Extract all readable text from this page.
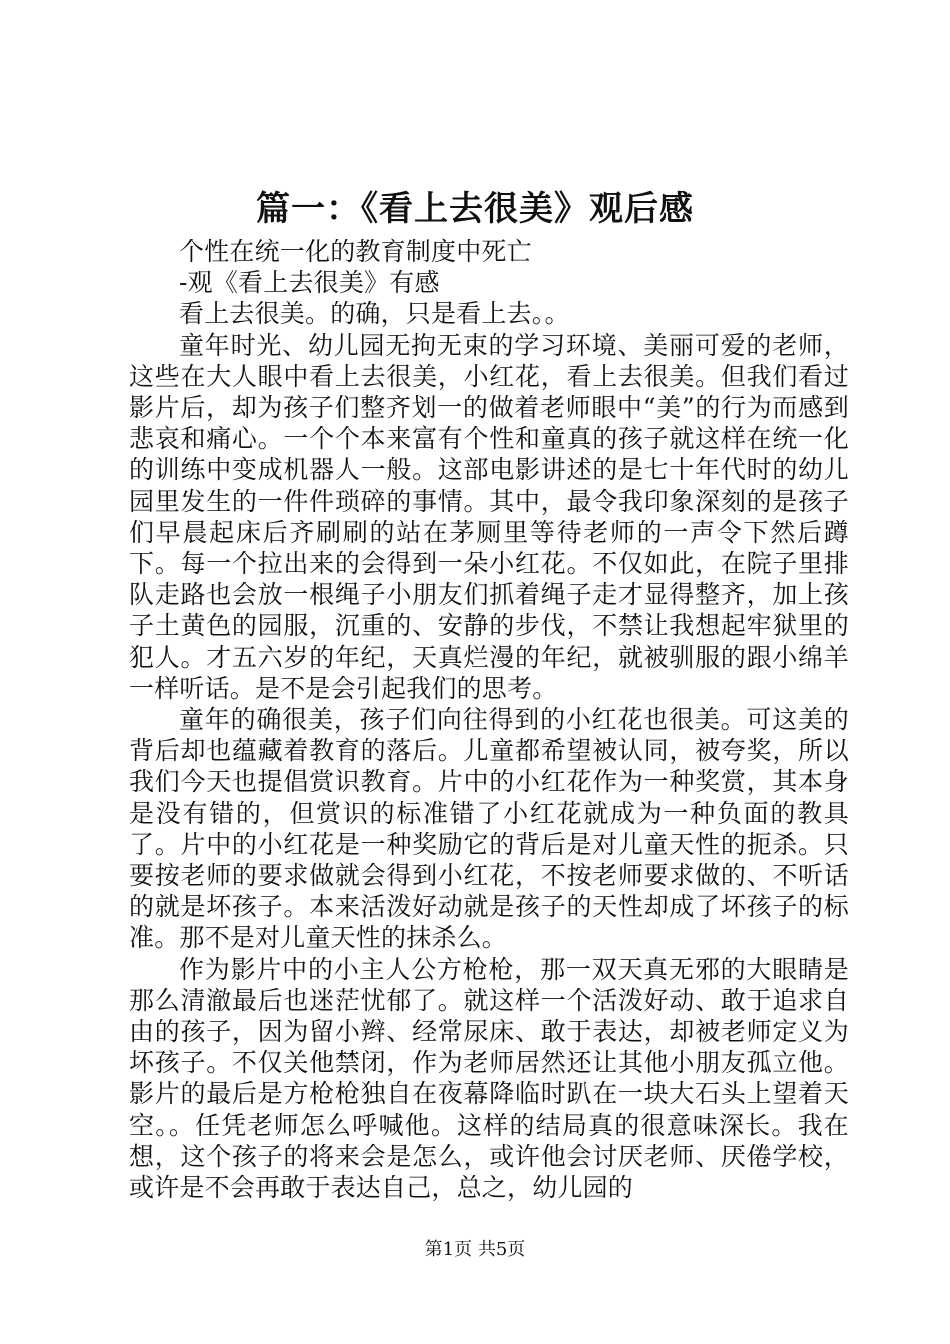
篇一：《看上去很美》观后感

个性在统一化的教育制度中死亡

-观《看上去很美》有感

看上去很美。的确，只是看上去。。

童年时光、幼儿园无拘无束的学习环境、美丽可爱的老师，这些在大人眼中看上去很美，小红花，看上去很美。但我们看过影片后，却为孩子们整齐划一的做着老师眼中“美”的行为而感到悲哀和痛心。一个个本来富有个性和童真的孩子就这样在统一化的训练中变成机器人一般。这部电影讲述的是七十年代时的幼儿园里发生的一件件琐碎的事情。其中，最令我印象深刻的是孩子们早晨起床后齐刷刷的站在茅厕里等待老师的一声令下然后蹲下。每一个拉出来的会得到一朵小红花。不仅如此，在院子里排队走路也会放一根绳子小朋友们抓着绳子走才显得整齐，加上孩子土黄色的园服，沉重的、安静的步伐，不禁让我想起牢狱里的犯人。才五六岁的年纪，天真烂漫的年纪，就被驯服的跟小绵羊一样听话。是不是会引起我们的思考。

童年的确很美，孩子们向往得到的小红花也很美。可这美的背后却也蕴藏着教育的落后。儿童都希望被认同，被夸奖，所以我们今天也提倡赏识教育。片中的小红花作为一种奖赏，其本身是没有错的，但赏识的标准错了小红花就成为一种负面的教具了。片中的小红花是一种奖励它的背后是对儿童天性的扼杀。只要按老师的要求做就会得到小红花，不按老师要求做的、不听话的就是坏孩子。本来活泼好动就是孩子的天性却成了坏孩子的标准。那不是对儿童天性的抹杀么。

作为影片中的小主人公方枪枪，那一双天真无邪的大眼睛是那么清澈最后也迷茫忧郁了。就这样一个活泼好动、敢于追求自由的孩子，因为留小辫、经常尿床、敢于表达，却被老师定义为坏孩子。不仅关他禁闭，作为老师居然还让其他小朋友孤立他。影片的最后是方枪枪独自在夜幕降临时趴在一块大石头上望着天空。。任凭老师怎么呼喊他。这样的结局真的很意味深长。我在想，这个孩子的将来会是怎么，或许他会讨厌老师、厌倦学校，或许是不会再敢于表达自己，总之，幼儿园的

第1页 共5页
